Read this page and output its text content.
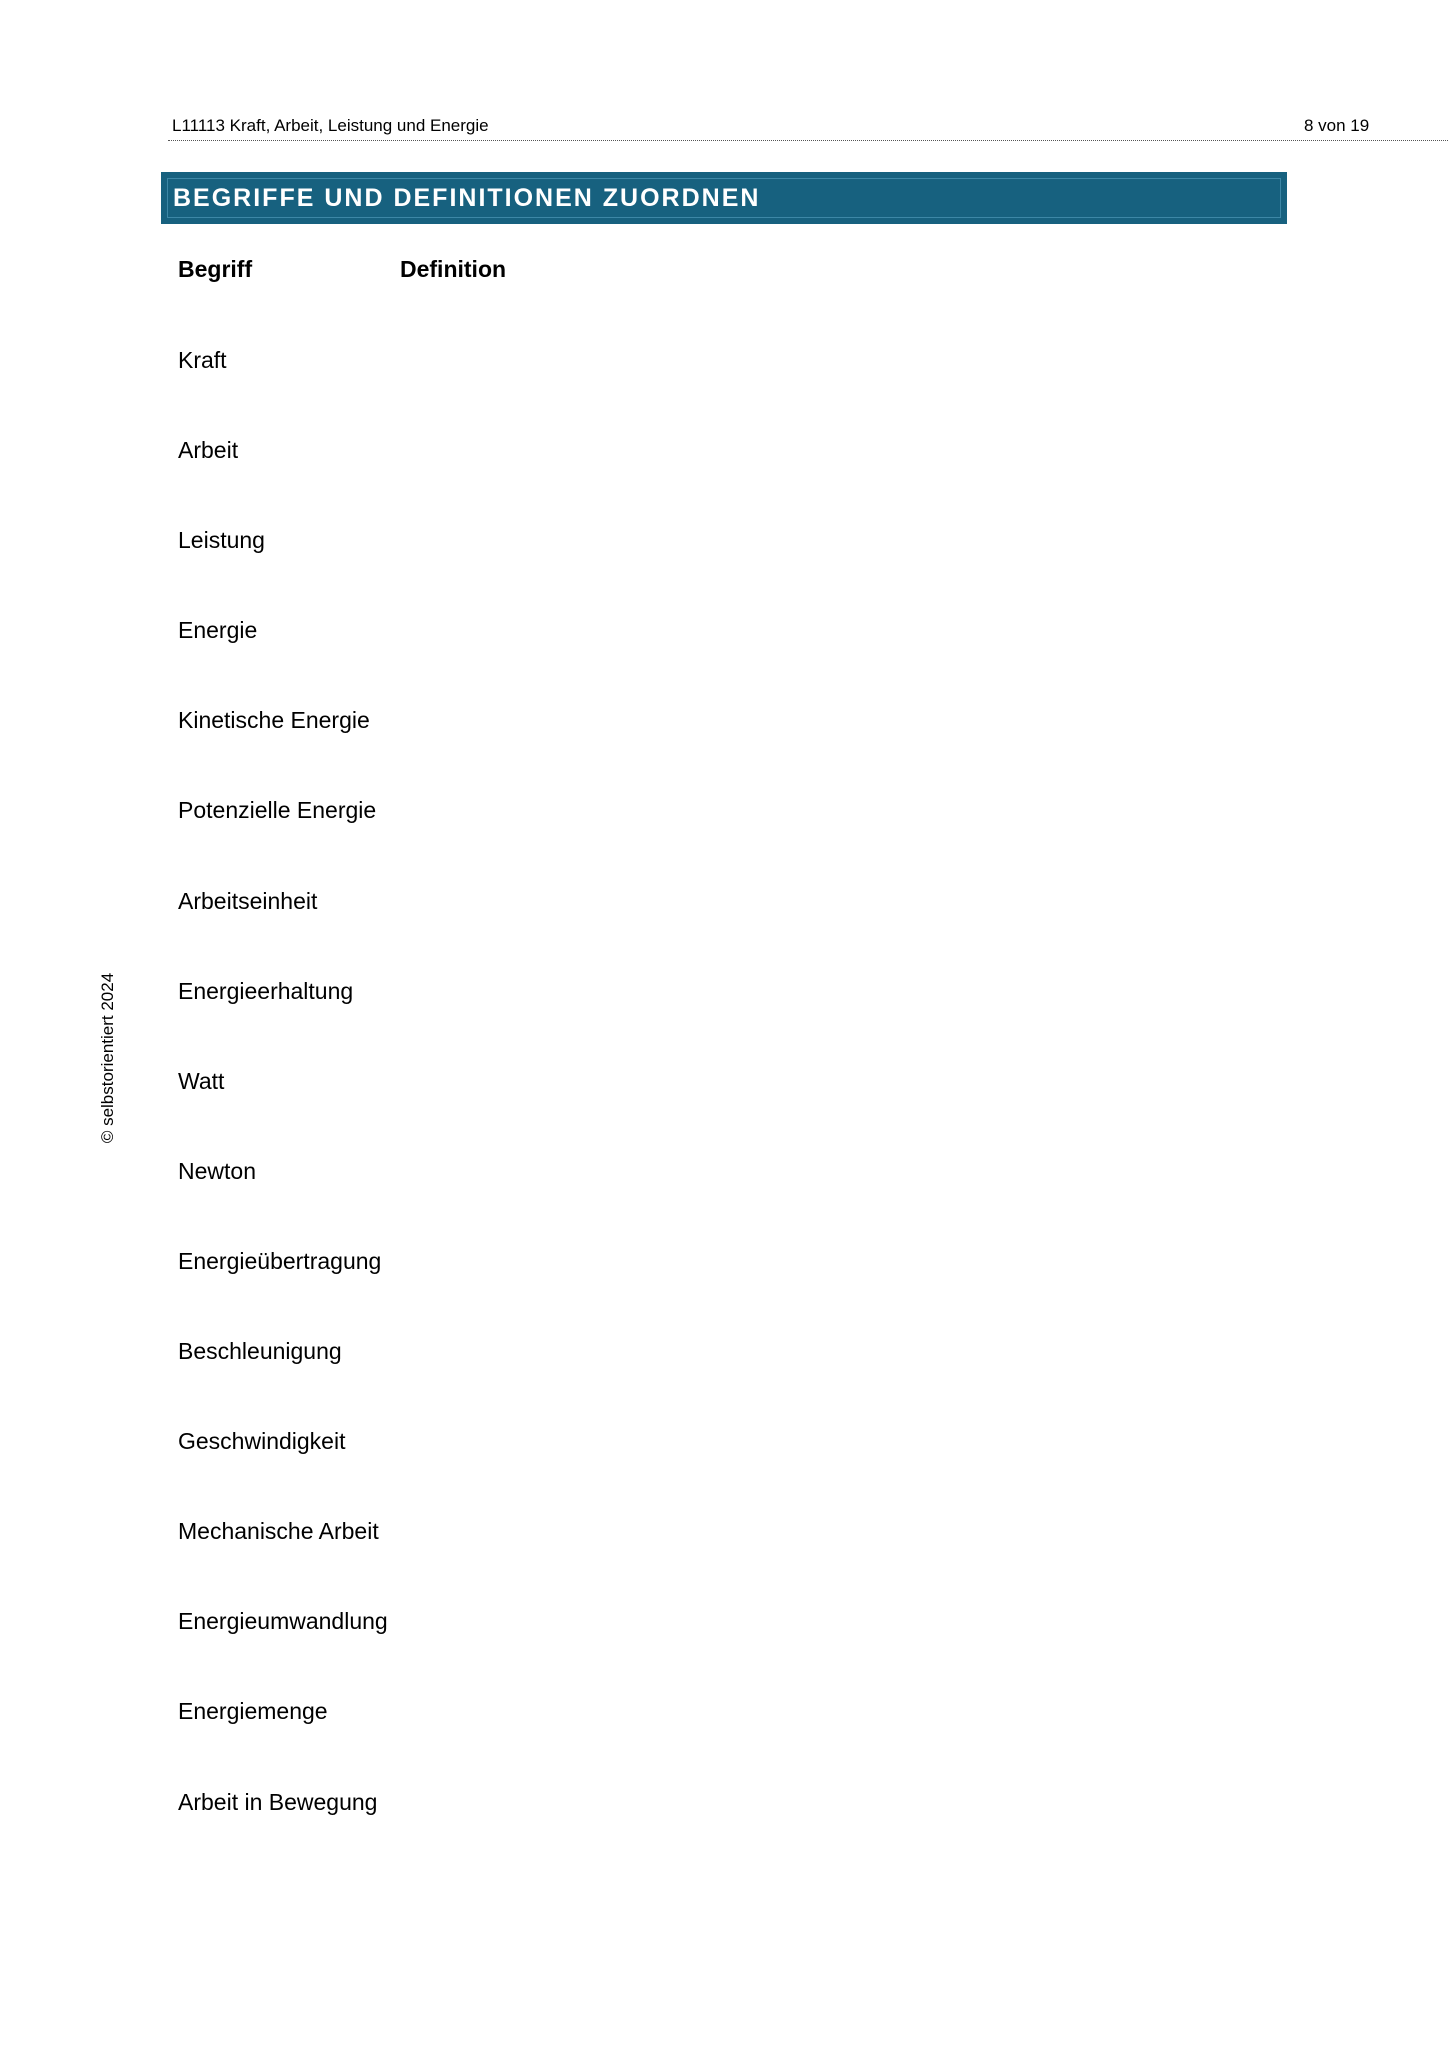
L11113 Kraft, Arbeit, Leistung und Energie	8 von 19
BEGRIFFE UND DEFINITIONEN ZUORDNEN
Begriff	Definition
Kraft
Arbeit
Leistung
Energie
Kinetische Energie
Potenzielle Energie
Arbeitseinheit
Energieerhaltung
Watt
Newton
Energieübertragung
Beschleunigung
Geschwindigkeit
Mechanische Arbeit
Energieumwandlung
Energiemenge
Arbeit in Bewegung
© selbstorientiert 2024
